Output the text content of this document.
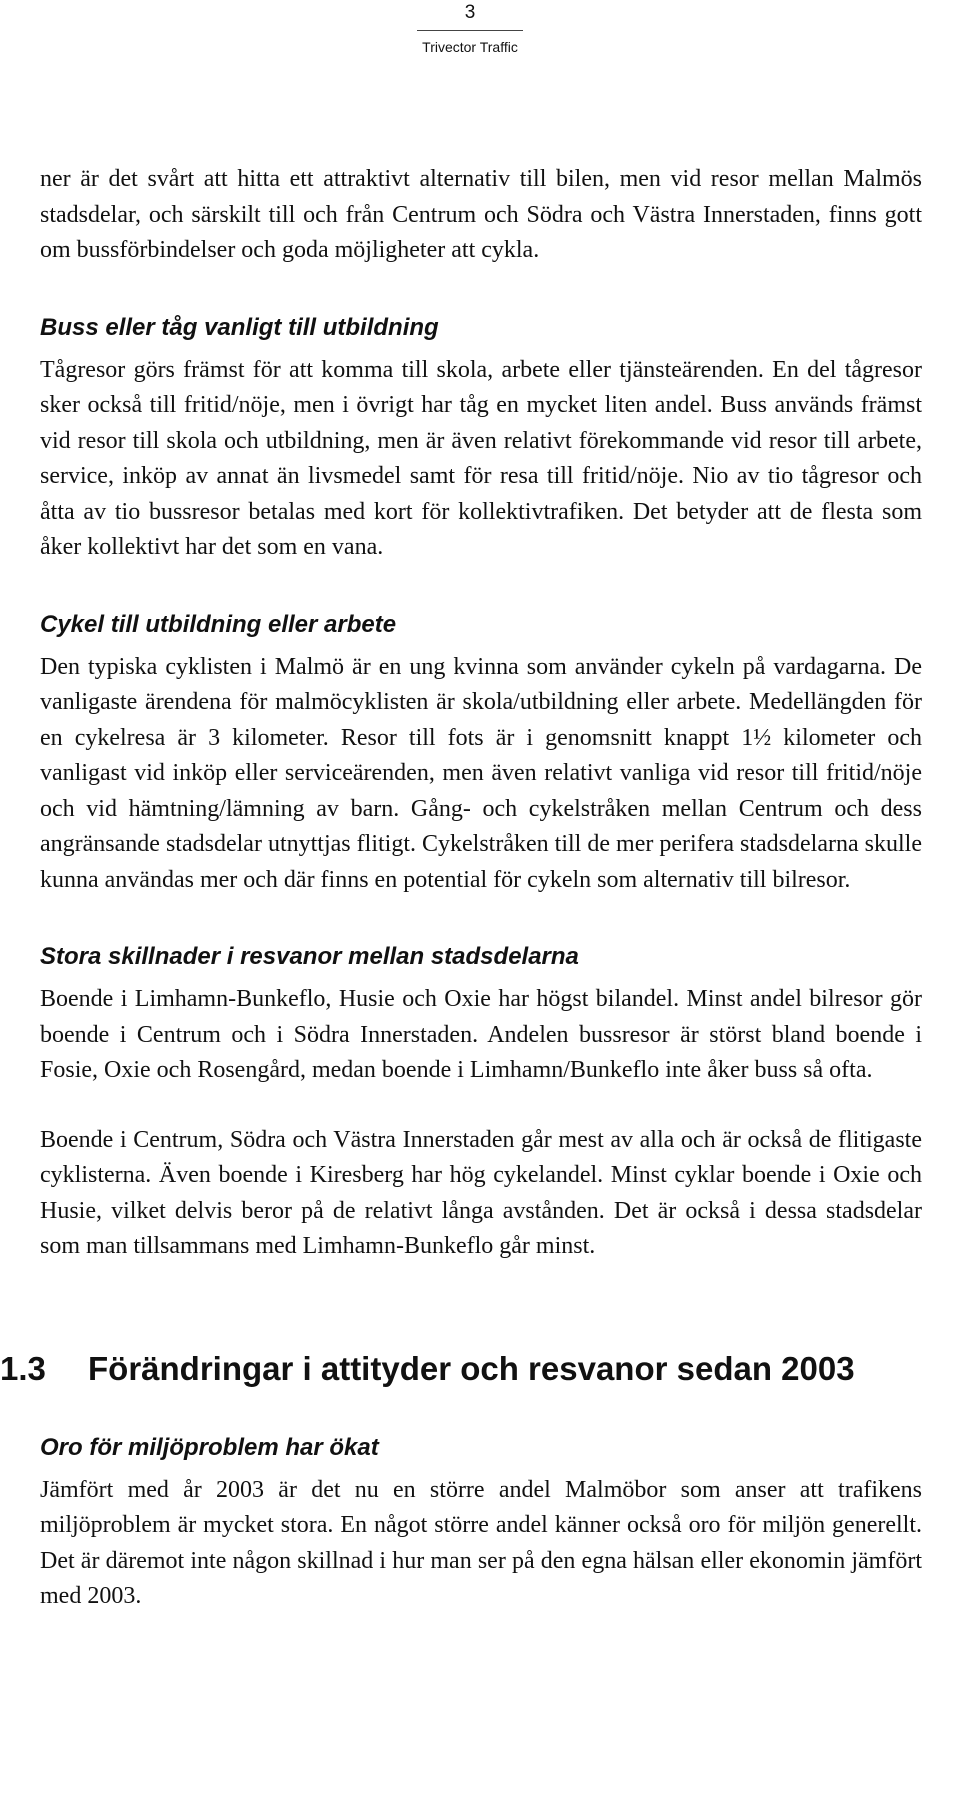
3
Trivector Traffic

ner är det svårt att hitta ett attraktivt alternativ till bilen, men vid resor mellan Malmös stadsdelar, och särskilt till och från Centrum och Södra och Västra Innerstaden, finns gott om bussförbindelser och goda möjligheter att cykla.

Buss eller tåg vanligt till utbildning

Tågresor görs främst för att komma till skola, arbete eller tjänsteärenden. En del tågresor sker också till fritid/nöje, men i övrigt har tåg en mycket liten andel. Buss används främst vid resor till skola och utbildning, men är även relativt förekommande vid resor till arbete, service, inköp av annat än livsmedel samt för resa till fritid/nöje. Nio av tio tågresor och åtta av tio bussresor betalas med kort för kollektivtrafiken. Det betyder att de flesta som åker kollektivt har det som en vana.

Cykel till utbildning eller arbete

Den typiska cyklisten i Malmö är en ung kvinna som använder cykeln på vardagarna. De vanligaste ärendena för malmöcyklisten är skola/utbildning eller arbete. Medellängden för en cykelresa är 3 kilometer. Resor till fots är i genomsnitt knappt 1½ kilometer och vanligast vid inköp eller serviceärenden, men även relativt vanliga vid resor till fritid/nöje och vid hämtning/lämning av barn. Gång- och cykelstråken mellan Centrum och dess angränsande stadsdelar utnyttjas flitigt. Cykelstråken till de mer perifera stadsdelarna skulle kunna användas mer och där finns en potential för cykeln som alternativ till bilresor.

Stora skillnader i resvanor mellan stadsdelarna

Boende i Limhamn-Bunkeflo, Husie och Oxie har högst bilandel. Minst andel bilresor gör boende i Centrum och i Södra Innerstaden. Andelen bussresor är störst bland boende i Fosie, Oxie och Rosengård, medan boende i Limhamn/Bunkeflo inte åker buss så ofta.

Boende i Centrum, Södra och Västra Innerstaden går mest av alla och är också de flitigaste cyklisterna. Även boende i Kiresberg har hög cykelandel. Minst cyklar boende i Oxie och Husie, vilket delvis beror på de relativt långa avstånden. Det är också i dessa stadsdelar som man tillsammans med Limhamn-Bunkeflo går minst.

1.3 Förändringar i attityder och resvanor sedan 2003
Oro för miljöproblem har ökat

Jämfört med år 2003 är det nu en större andel Malmöbor som anser att trafikens miljöproblem är mycket stora. En något större andel känner också oro för miljön generellt. Det är däremot inte någon skillnad i hur man ser på den egna hälsan eller ekonomin jämfört med 2003.
